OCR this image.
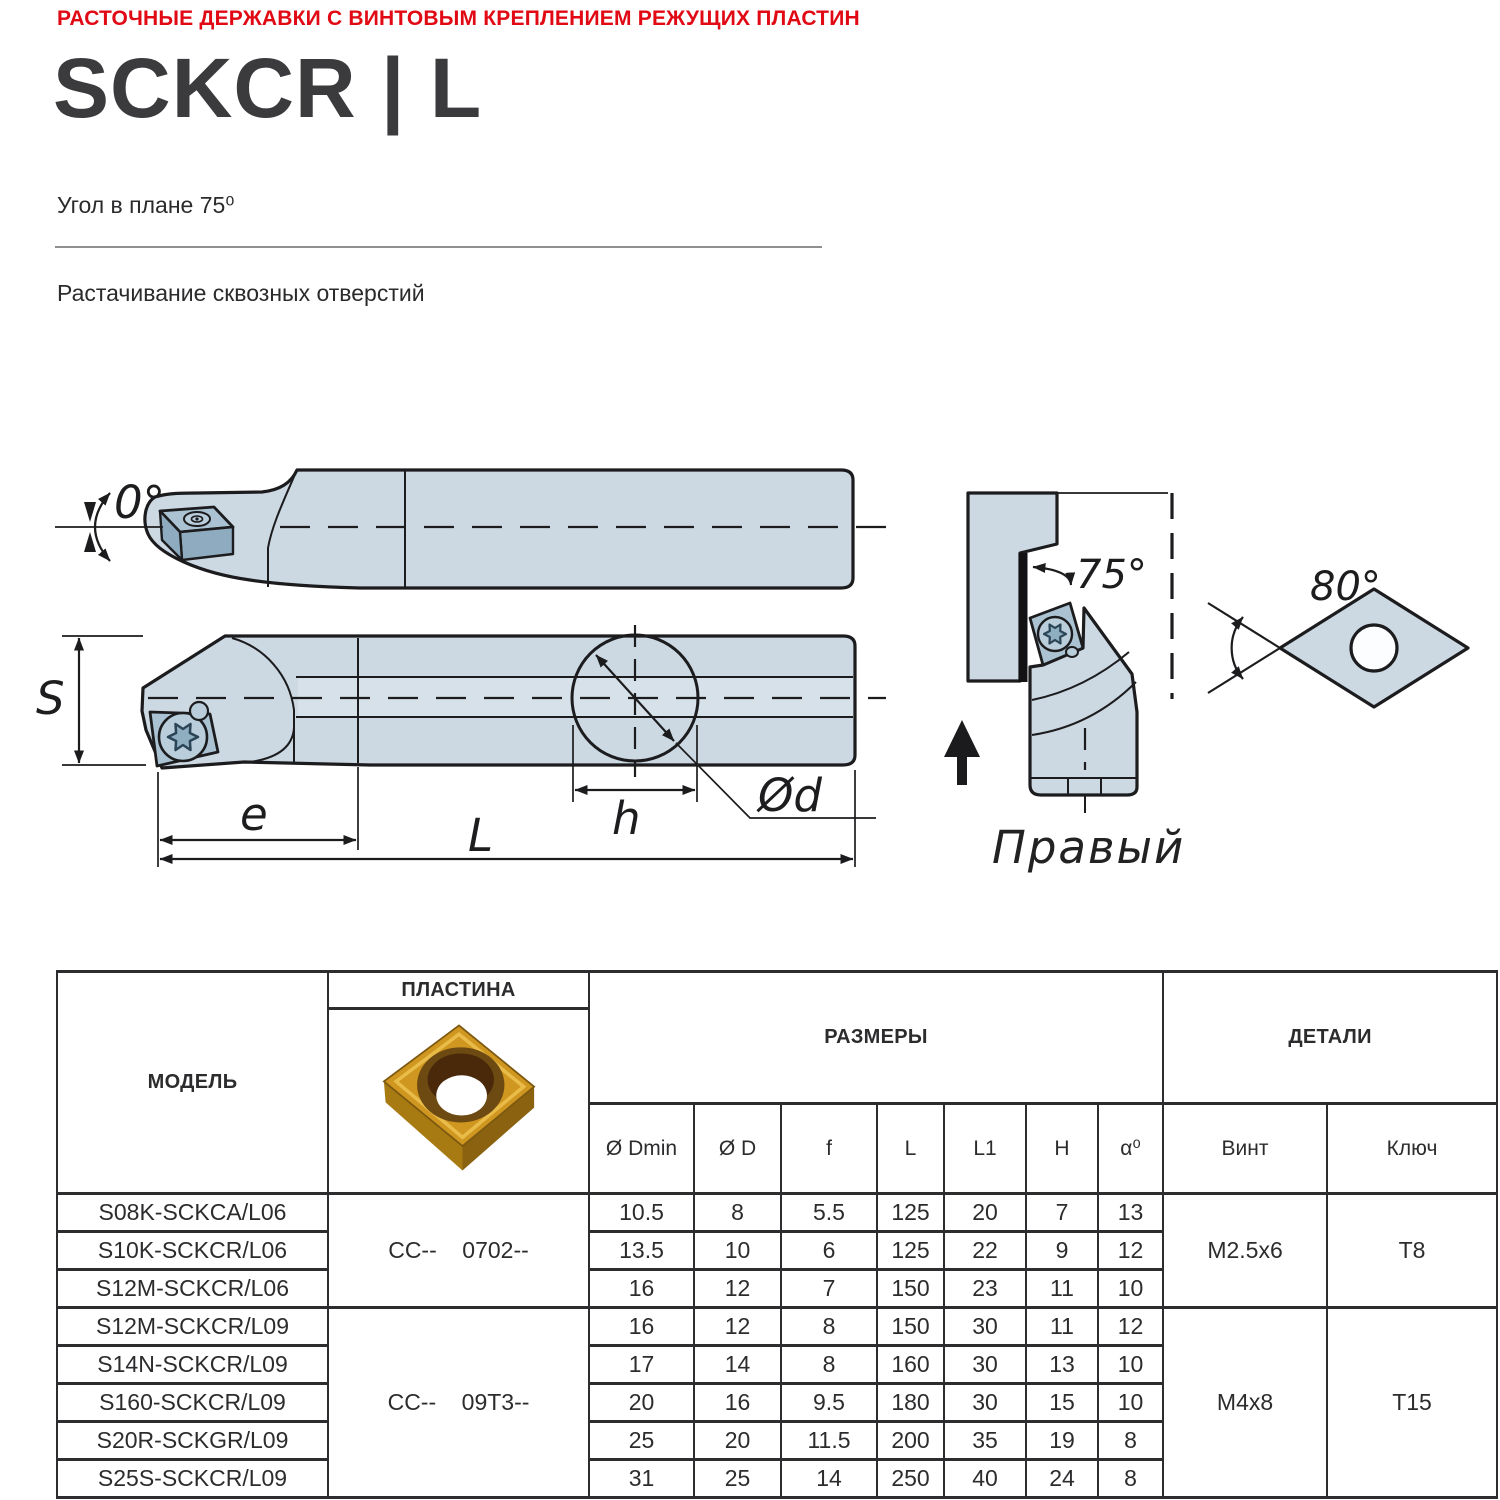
РАСТОЧНЫЕ ДЕРЖАВКИ С ВИНТОВЫМ КРЕПЛЕНИЕМ РЕЖУЩИХ ПЛАСТИН
SCKCR | L
Угол в плане 75⁰
Растачивание сквозных отверстий
0°
Ød
S
e	L	h
75°
Правый
80°
МОДЕЛЬ	ПЛАСТИНА	РАЗМЕРЫ							ДЕТАЛИ	

		Ø Dmin	Ø D	f	L	L1	H	α⁰	Винт	Ключ
S08K-SCKCA/L06	CC--    0702--	10.5	8	5.5	125	20	7	13	M2.5x6	T8
S10K-SCKCR/L06		13.5	10	6	125	22	9	12		
S12M-SCKCR/L06		16	12	7	150	23	11	10		
S12M-SCKCR/L09	CC--    09T3--	16	12	8	150	30	11	12	M4x8	T15
S14N-SCKCR/L09		17	14	8	160	30	13	10		
S160-SCKCR/L09		20	16	9.5	180	30	15	10		
S20R-SCKGR/L09		25	20	11.5	200	35	19	8		
S25S-SCKCR/L09		31	25	14	250	40	24	8		
